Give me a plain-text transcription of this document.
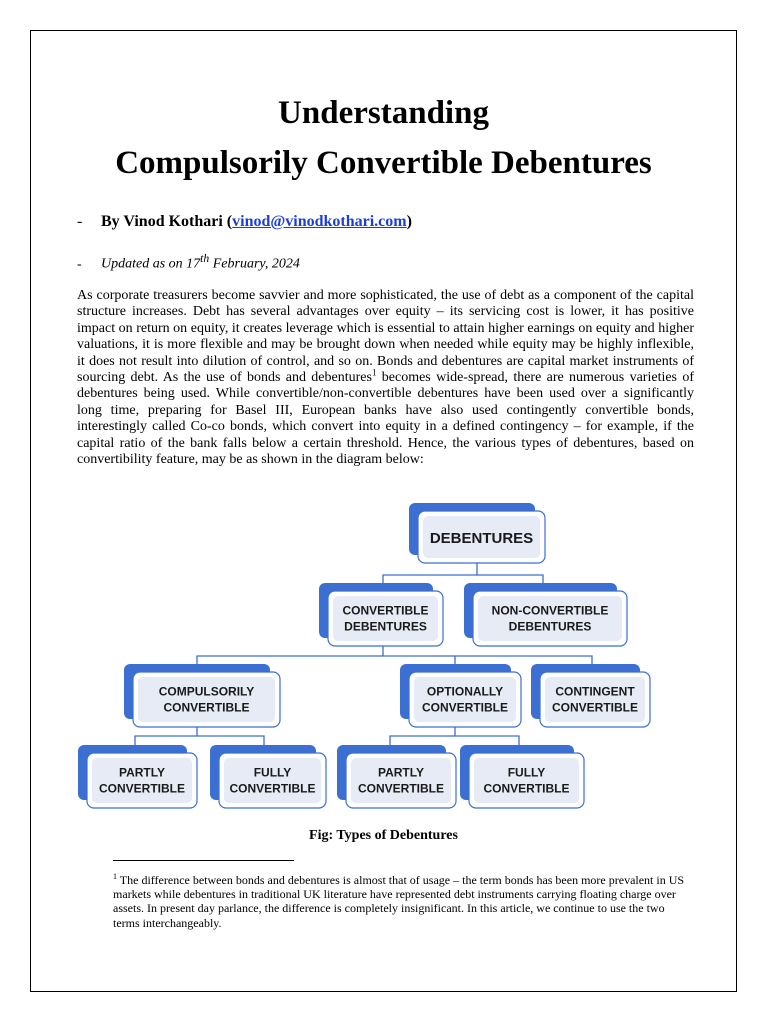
Understanding
Compulsorily Convertible Debentures
- By Vinod Kothari (vinod@vinodkothari.com)
- Updated as on 17th February, 2024

As corporate treasurers become savvier and more sophisticated, the use of debt as a component of the capital structure increases. Debt has several advantages over equity – its servicing cost is lower, it has positive impact on return on equity, it creates leverage which is essential to attain higher earnings on equity and higher valuations, it is more flexible and may be brought down when needed while equity may be highly inflexible, it does not result into dilution of control, and so on. Bonds and debentures are capital market instruments of sourcing debt. As the use of bonds and debentures$^1$ becomes wide-spread, there are numerous varieties of debentures being used. While convertible/non-convertible debentures have been used over a significantly long time, preparing for Basel III, European banks have also used contingently convertible bonds, interestingly called Co-co bonds, which convert into equity in a defined contingency – for example, if the capital ratio of the bank falls below a certain threshold. Hence, the various types of debentures, based on convertibility feature, may be as shown in the diagram below:

DEBENTURES
CONVERTIBLE
DEBENTURES
NON-CONVERTIBLE
DEBENTURES
COMPULSORILY
CONVERTIBLE
OPTIONALLY
CONVERTIBLE
CONTINGENT
CONVERTIBLE
PARTLY
CONVERTIBLE
FULLY
CONVERTIBLE
PARTLY
CONVERTIBLE
FULLY
CONVERTIBLE
Fig: Types of Debentures

$^1$ The difference between bonds and debentures is almost that of usage – the term bonds has been more prevalent in US markets while debentures in traditional UK literature have represented debt instruments carrying floating charge over assets. In present day parlance, the difference is completely insignificant. In this article, we continue to use the two terms interchangeably.
